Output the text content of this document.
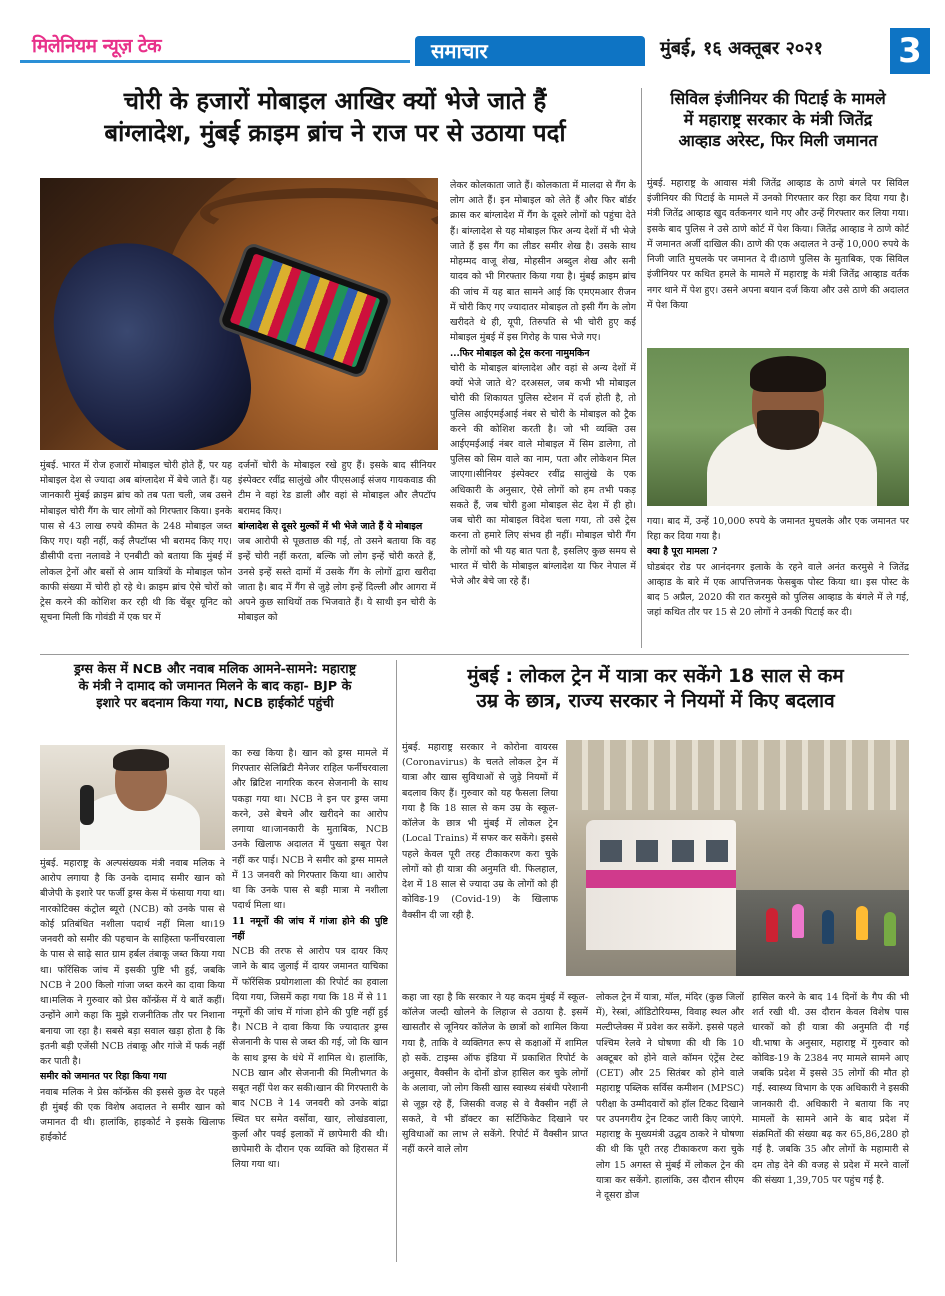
मिलेनियम न्यूज़ टेक	समाचार	मुंबई, १६ अक्तूबर २०२१ 3
चोरी के हजारों मोबाइल आखिर क्यों भेजे जाते हैं
बांग्लादेश, मुंबई क्राइम ब्रांच ने राज पर से उठाया पर्दा
मुंबई. भारत में रोज हजारों मोबाइल चोरी होते हैं, पर यह मोबाइल देश से ज्यादा अब बांग्लादेश में बेचे जाते हैं। यह जानकारी मुंबई क्राइम ब्रांच को तब पता चली, जब उसने मोबाइल चोरी गैंग के चार लोगों को गिरफ्तार किया। इनके पास से 43 लाख रुपये कीमत के 248 मोबाइल जब्त किए गए। यही नहीं, कई लैपटॉप्स भी बरामद किए गए।डीसीपी दत्ता नलावडे ने एनबीटी को बताया कि मुंबई में लोकल ट्रेनों और बसों से आम यात्रियों के मोबाइल फोन काफी संख्या में चोरी हो रहे थे। क्राइम ब्रांच ऐसे चोरों को ट्रेस करने की कोशिश कर रही थी कि चेंबूर यूनिट को सूचना मिली कि गोवंडी में एक घर में
दर्जनों चोरी के मोबाइल रखे हुए हैं। इसके बाद सीनियर इंस्पेक्टर रवींद्र सालुंखे और पीएसआई संजय गायकवाड की टीम ने वहां रेड डाली और वहां से मोबाइल और लैपटॉप बरामद किए।
बांग्लादेश से दूसरे मुल्कों में भी भेजे जाते हैं ये मोबाइल
जब आरोपी से पूछताछ की गई, तो उसने बताया कि वह इन्हें चोरी नहीं करता, बल्कि जो लोग इन्हें चोरी करते हैं, उनसे इन्हें सस्ते दामों में उसके गैंग के लोगों द्वारा खरीदा जाता है। बाद में गैंग से जुड़े लोग इन्हें दिल्ली और आगरा में अपने कुछ साथियों तक भिजवाते हैं। ये साथी इन चोरी के मोबाइल को
लेकर कोलकाता जाते हैं। कोलकाता में मालदा से गैंग के लोग आते हैं। इन मोबाइल को लेते हैं और फिर बॉर्डर क्रास कर बांग्लादेश में गैंग के दूसरे लोगों को पहुंचा देते हैं। बांग्लादेश से यह मोबाइल फिर अन्य देशों में भी भेजे जाते हैं इस गैंग का लीडर समीर शेख है। उसके साथ मोहम्मद वाजू शेख, मोहसीन अब्दुल शेख और सनी यादव को भी गिरफ्तार किया गया है। मुंबई क्राइम ब्रांच की जांच में यह बात सामने आई कि एमएमआर रीजन में चोरी किए गए ज्यादातर मोबाइल तो इसी गैंग के लोग खरीदते थे ही, यूपी, तिरुपति से भी चोरी हुए कई मोबाइल मुंबई में इस गिरोह के पास भेजे गए।
...फिर मोबाइल को ट्रेस करना नामुमकिन
चोरी के मोबाइल बांग्लादेश और वहां से अन्य देशों में क्यों भेजे जाते थे? दरअसल, जब कभी भी मोबाइल चोरी की शिकायत पुलिस स्टेशन में दर्ज होती है, तो पुलिस आईएमईआई नंबर से चोरी के मोबाइल को ट्रैक करने की कोशिश करती है। जो भी व्यक्ति उस आईएमईआई नंबर वाले मोबाइल में सिम डालेगा, तो पुलिस को सिम वाले का नाम, पता और लोकेशन मिल जाएगा।सीनियर इंस्पेक्टर रवींद्र सालुंखे के एक अधिकारी के अनुसार, ऐसे लोगों को हम तभी पकड़ सकते हैं, जब चोरी हुआ मोबाइल सेट देश में ही हो। जब चोरी का मोबाइल विदेश चला गया, तो उसे ट्रेस करना तो हमारे लिए संभव ही नहीं। मोबाइल चोरी गैंग के लोगों को भी यह बात पता है, इसलिए कुछ समय से भारत में चोरी के मोबाइल बांग्लादेश या फिर नेपाल में भेजे और बेचे जा रहे हैं।
सिविल इंजीनियर की पिटाई के मामले
में महाराष्ट्र सरकार के मंत्री जितेंद्र
आव्हाड अरेस्ट, फिर मिली जमानत
मुंबई. महाराष्ट्र के आवास मंत्री जितेंद्र आव्हाड के ठाणे बंगले पर सिविल इंजीनियर की पिटाई के मामले में उनको गिरफ्तार कर रिहा कर दिया गया है। मंत्री जितेंद्र आव्हाड खुद वर्तकनगर थाने गए और उन्हें गिरफ्तार कर लिया गया। इसके बाद पुलिस ने उसे ठाणे कोर्ट में पेश किया। जितेंद्र आव्हाड ने ठाणे कोर्ट में जमानत अर्जी दाखिल की। ठाणे की एक अदालत ने उन्हें 10,000 रुपये के निजी जाति मुचलके पर जमानत दे दी।ठाणे पुलिस के मुताबिक, एक सिविल इंजीनियर पर कथित हमले के मामले में महाराष्ट्र के मंत्री जितेंद्र आव्हाड वर्तक नगर थाने में पेश हुए। उसने अपना बयान दर्ज किया और उसे ठाणे की अदालत में पेश किया
गया। बाद में, उन्हें 10,000 रुपये के जमानत मुचलके और एक जमानत पर रिहा कर दिया गया है।
क्या है पूरा मामला ?
घोडबंदर रोड पर आनंदनगर इलाके के रहने वाले अनंत करमुसे ने जितेंद्र आव्हाड के बारे में एक आपत्तिजनक फेसबुक पोस्ट किया था। इस पोस्ट के बाद 5 अप्रैल, 2020 की रात करमुसे को पुलिस आव्हाड के बंगले में ले गई, जहां कथित तौर पर 15 से 20 लोगों ने उनकी पिटाई कर दी।
ड्रग्स केस में NCB और नवाब मलिक आमने-सामने: महाराष्ट्र
के मंत्री ने दामाद को जमानत मिलने के बाद कहा- BJP के
इशारे पर बदनाम किया गया, NCB हाईकोर्ट पहुंची
मुंबई. महाराष्ट्र के अल्पसंख्यक मंत्री नवाब मलिक ने आरोप लगाया है कि उनके दामाद समीर खान को बीजेपी के इशारे पर फर्जी ड्रग्स केस में फंसाया गया था। नारकोटिक्स कंट्रोल ब्यूरो (NCB) को उनके पास से कोई प्रतिबंधित नशीला पदार्थ नहीं मिला था।19 जनवरी को समीर की पहचान के साहिस्ता फर्नीचरवाला के पास से साढ़े सात ग्राम हर्बल तंबाकू जब्त किया गया था। फॉरेंसिक जांच में इसकी पुष्टि भी हुई, जबकि NCB ने 200 किलो गांजा जब्त करने का दावा किया था।मलिक ने गुरुवार को प्रेस कॉन्फ्रेंस में ये बातें कहीं। उन्होंने आगे कहा कि मुझे राजनीतिक तौर पर निशाना बनाया जा रहा है। सबसे बड़ा सवाल खड़ा होता है कि इतनी बड़ी एजेंसी NCB तंबाकू और गांजे में फर्क नहीं कर पाती है।
समीर को जमानत पर रिहा किया गया
नवाब मलिक ने प्रेस कॉन्फ्रेंस की इससे कुछ देर पहले ही मुंबई की एक विशेष अदालत ने समीर खान को जमानत दी थी। हालांकि, हाइकोर्ट ने इसके खिलाफ हाईकोर्ट
का रुख किया है। खान को ड्रग्स मामले में गिरफ्तार सेलिब्रिटी मैनेजर राहिल फर्नीचरवाला और ब्रिटिश नागरिक करन सेजनानी के साथ पकड़ा गया था। NCB ने इन पर ड्रग्स जमा करने, उसे बेचने और खरीदने का आरोप लगाया था।जानकारी के मुताबिक, NCB उनके खिलाफ अदालत में पुख्ता सबूत पेश नहीं कर पाई। NCB ने समीर को ड्रग्स मामले में 13 जनवरी को गिरफ्तार किया था। आरोप था कि उनके पास से बड़ी मात्रा मे नशीला पदार्थ मिला था।
11 नमूनों की जांच में गांजा होने की पुष्टि नहीं
NCB की तरफ से आरोप पत्र दायर किए जाने के बाद जुलाई में दायर जमानत याचिका में फॉरेंसिक प्रयोगशाला की रिपोर्ट का हवाला दिया गया, जिसमें कहा गया कि 18 में से 11 नमूनों की जांच में गांजा होने की पुष्टि नहीं हुई है। NCB ने दावा किया कि ज्यादातर ड्रग्स सेजनानी के पास से जब्त की गई, जो कि खान के साथ ड्रग्स के धंधे में शामिल थे। हालांकि, NCB खान और सेजनानी की मिलीभगत के सबूत नहीं पेश कर सकी।खान की गिरफ्तारी के बाद NCB ने 14 जनवरी को उनके बांद्रा स्थित घर समेत वर्सोवा, खार, लोखंडवाला, कुर्ला और पवई इलाकों में छापेमारी की थी। छापेमारी के दौरान एक व्यक्ति को हिरासत में लिया गया था।
मुंबई : लोकल ट्रेन में यात्रा कर सकेंगे 18 साल से कम
उम्र के छात्र, राज्य सरकार ने नियमों में किए बदलाव
मुंबई. महाराष्ट्र सरकार ने कोरोना वायरस (Coronavirus) के चलते लोकल ट्रेन में यात्रा और खास सुविधाओं से जुड़े नियमों में बदलाव किए हैं। गुरुवार को यह फैसला लिया गया है कि 18 साल से कम उम्र के स्कूल-कॉलेज के छात्र भी मुंबई में लोकल ट्रेन (Local Trains) में सफर कर सकेंगे। इससे पहले केवल पूरी तरह टीकाकरण करा चुके लोगों को ही यात्रा की अनुमति थी. फिलहाल, देश में 18 साल से ज्यादा उम्र के लोगों को ही कोविड-19 (Covid-19) के खिलाफ वैक्सीन दी जा रही है.
कहा जा रहा है कि सरकार ने यह कदम मुंबई में स्कूल-कॉलेज जल्दी खोलने के लिहाज से उठाया है. इसमें खासतौर से जूनियर कॉलेज के छात्रों को शामिल किया गया है, ताकि वे व्यक्तिगत रूप से कक्षाओं में शामिल हो सकें. टाइम्स ऑफ इंडिया में प्रकाशित रिपोर्ट के अनुसार, वैक्सीन के दोनों डोज हासिल कर चुके लोगों के अलावा, जो लोग किसी खास स्वास्थ्य संबंधी परेशानी से जूझ रहे हैं, जिसकी वजह से वे वैक्सीन नहीं ले सकते, वे भी डॉक्टर का सर्टिफिकेट दिखाने पर सुविधाओं का लाभ ले सकेंगे. रिपोर्ट में वैक्सीन प्राप्त नहीं करने वाले लोग
लोकल ट्रेन में यात्रा, मॉल, मंदिर (कुछ जिलों में), रेस्त्रां, ऑडिटोरियम्स, विवाह स्थल और मल्टीप्लेक्स में प्रवेश कर सकेंगे. इससे पहले पश्चिम रेलवे ने घोषणा की थी कि 10 अक्टूबर को होने वाले कॉमन एंट्रेंस टेस्ट (CET) और 25 सितंबर को होने वाले महाराष्ट्र पब्लिक सर्विस कमीशन (MPSC) परीक्षा के उम्मीदवारों को हॉल टिकट दिखाने पर उपनगरीय ट्रेन टिकट जारी किए जाएंगे. महाराष्ट्र के मुख्यमंत्री उद्धव ठाकरे ने घोषणा की थी कि पूरी तरह टीकाकरण करा चुके लोग 15 अगस्त से मुंबई में लोकल ट्रेन की यात्रा कर सकेंगे. हालांकि, उस दौरान सीएम ने दूसरा डोज
हासिल करने के बाद 14 दिनों के गैप की भी शर्त रखी थी. उस दौरान केवल विशेष पास धारकों को ही यात्रा की अनुमति दी गई थी.भाषा के अनुसार, महाराष्ट्र में गुरुवार को कोविड-19 के 2384 नए मामले सामने आए जबकि प्रदेश में इससे 35 लोगों की मौत हो गई. स्वास्थ्य विभाग के एक अधिकारी ने इसकी जानकारी दी. अधिकारी ने बताया कि नए मामलों के सामने आने के बाद प्रदेश में संक्रमितों की संख्या बढ़ कर 65,86,280 हो गई है. जबकि 35 और लोगों के महामारी से दम तोड़ देने की वजह से प्रदेश में मरने वालों की संख्या 1,39,705 पर पहुंच गई है.
